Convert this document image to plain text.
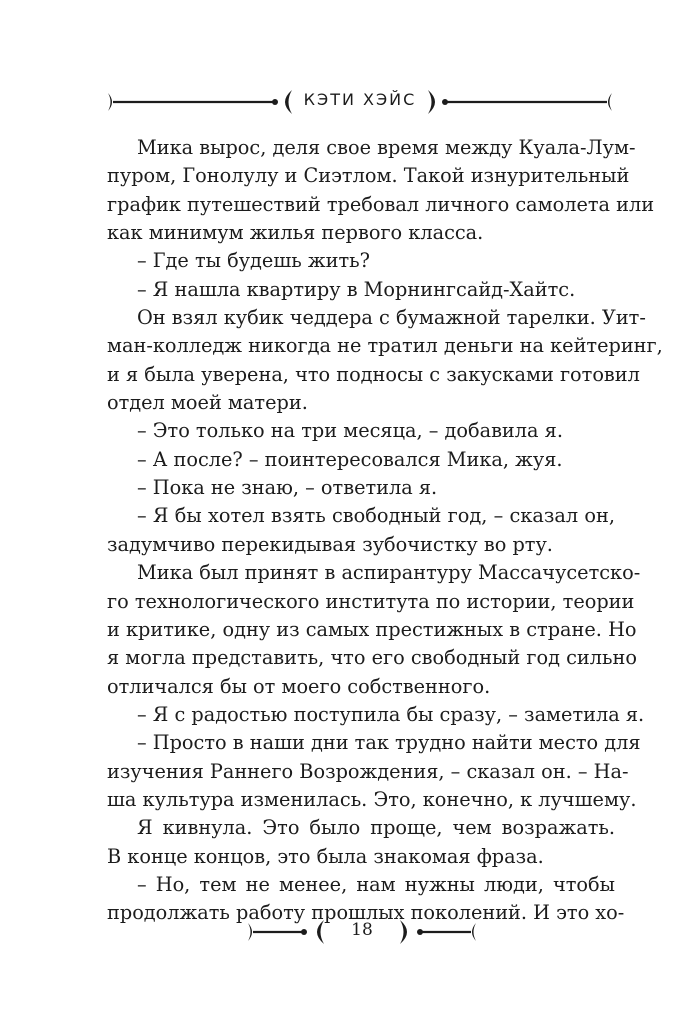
КЭТИ ХЭЙС
Мика вырос, деля свое время между Куала-Лум-
пуром, Гонолулу и Сиэтлом. Такой изнурительный
график путешествий требовал личного самолета или
как минимум жилья первого класса.
– Где ты будешь жить?
– Я нашла квартиру в Морнингсайд-Хайтс.
Он взял кубик чеддера с бумажной тарелки. Уит-
ман-колледж никогда не тратил деньги на кейтеринг,
и я была уверена, что подносы с закусками готовил
отдел моей матери.
– Это только на три месяца, – добавила я.
– А после? – поинтересовался Мика, жуя.
– Пока не знаю, – ответила я.
– Я бы хотел взять свободный год, – сказал он,
задумчиво перекидывая зубочистку во рту.
Мика был принят в аспирантуру Массачусетско-
го технологического института по истории, теории
и критике, одну из самых престижных в стране. Но
я могла представить, что его свободный год сильно
отличался бы от моего собственного.
– Я с радостью поступила бы сразу, – заметила я.
– Просто в наши дни так трудно найти место для
изучения Раннего Возрождения, – сказал он. – На-
ша культура изменилась. Это, конечно, к лучшему.
Я кивнула. Это было проще, чем возражать.
В конце концов, это была знакомая фраза.
– Но, тем не менее, нам нужны люди, чтобы
продолжать работу прошлых поколений. И это хо-
18
